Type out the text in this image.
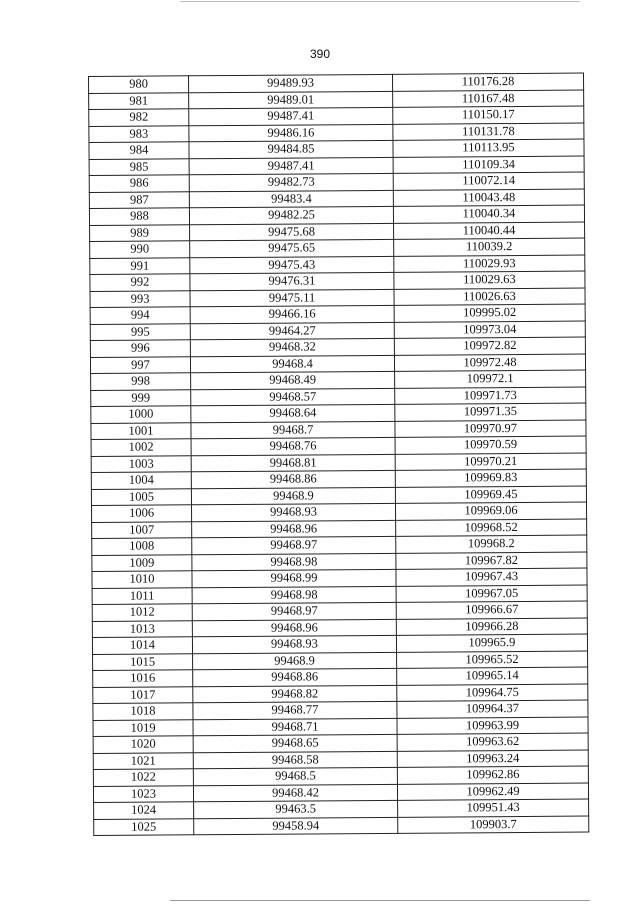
390
980	99489.93	110176.28
981	99489.01	110167.48
982	99487.41	110150.17
983	99486.16	110131.78
984	99484.85	110113.95
985	99487.41	110109.34
986	99482.73	110072.14
987	99483.4	110043.48
988	99482.25	110040.34
989	99475.68	110040.44
990	99475.65	110039.2
991	99475.43	110029.93
992	99476.31	110029.63
993	99475.11	110026.63
994	99466.16	109995.02
995	99464.27	109973.04
996	99468.32	109972.82
997	99468.4	109972.48
998	99468.49	109972.1
999	99468.57	109971.73
1000	99468.64	109971.35
1001	99468.7	109970.97
1002	99468.76	109970.59
1003	99468.81	109970.21
1004	99468.86	109969.83
1005	99468.9	109969.45
1006	99468.93	109969.06
1007	99468.96	109968.52
1008	99468.97	109968.2
1009	99468.98	109967.82
1010	99468.99	109967.43
1011	99468.98	109967.05
1012	99468.97	109966.67
1013	99468.96	109966.28
1014	99468.93	109965.9
1015	99468.9	109965.52
1016	99468.86	109965.14
1017	99468.82	109964.75
1018	99468.77	109964.37
1019	99468.71	109963.99
1020	99468.65	109963.62
1021	99468.58	109963.24
1022	99468.5	109962.86
1023	99468.42	109962.49
1024	99463.5	109951.43
1025	99458.94	109903.7
